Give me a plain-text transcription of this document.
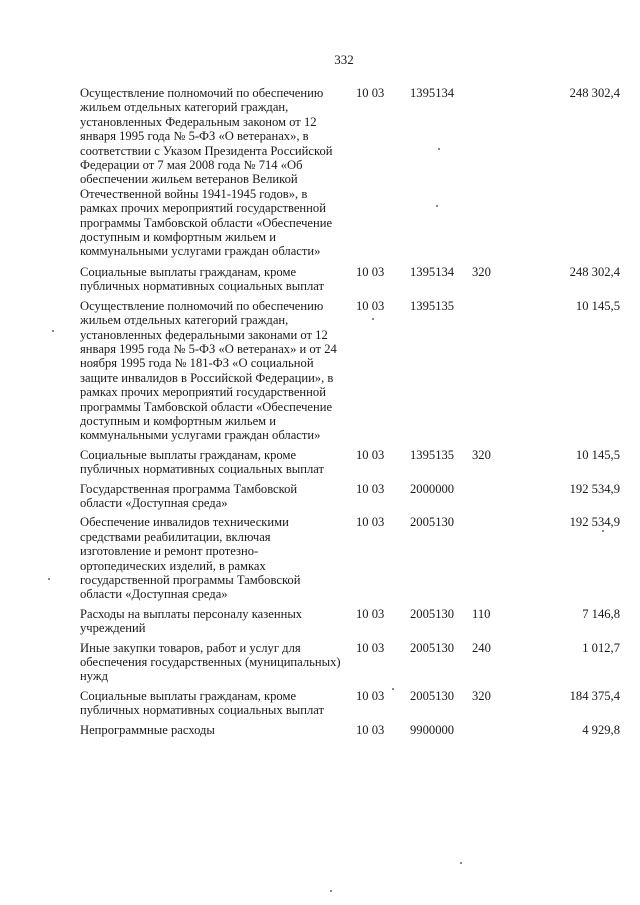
332
Осуществление полномочий по обеспечению жильем отдельных категорий граждан, установленных Федеральным законом от 12 января 1995 года № 5-ФЗ «О ветеранах», в соответствии с Указом Президента Российской Федерации от 7 мая 2008 года № 714 «Об обеспечении жильем ветеранов Великой Отечественной войны 1941-1945 годов», в рамках прочих мероприятий государственной программы Тамбовской области «Обеспечение доступным и комфортным жильем и коммунальными услугами граждан области»
10 03 1395134	248 302,4
Социальные выплаты гражданам, кроме публичных нормативных социальных выплат
10 03 1395134 320	248 302,4
Осуществление полномочий по обеспечению жильем отдельных категорий граждан, установленных федеральными законами от 12 января 1995 года № 5-ФЗ «О ветеранах» и от 24 ноября 1995 года № 181-ФЗ «О социальной защите инвалидов в Российской Федерации», в рамках прочих мероприятий государственной программы Тамбовской области «Обеспечение доступным и комфортным жильем и коммунальными услугами граждан области»
10 03 1395135	10 145,5
Социальные выплаты гражданам, кроме публичных нормативных социальных выплат
10 03 1395135 320	10 145,5
Государственная программа Тамбовской области «Доступная среда»
10 03 2000000	192 534,9
Обеспечение инвалидов техническими средствами реабилитации, включая изготовление и ремонт протезно-ортопедических изделий, в рамках государственной программы Тамбовской области «Доступная среда»
10 03 2005130	192 534,9
Расходы на выплаты персоналу казенных учреждений
10 03 2005130 110	7 146,8
Иные закупки товаров, работ и услуг для обеспечения государственных (муниципальных) нужд
10 03 2005130 240	1 012,7
Социальные выплаты гражданам, кроме публичных нормативных социальных выплат
10 03 2005130 320	184 375,4
Непрограммные расходы	10 03 9900000	4 929,8
